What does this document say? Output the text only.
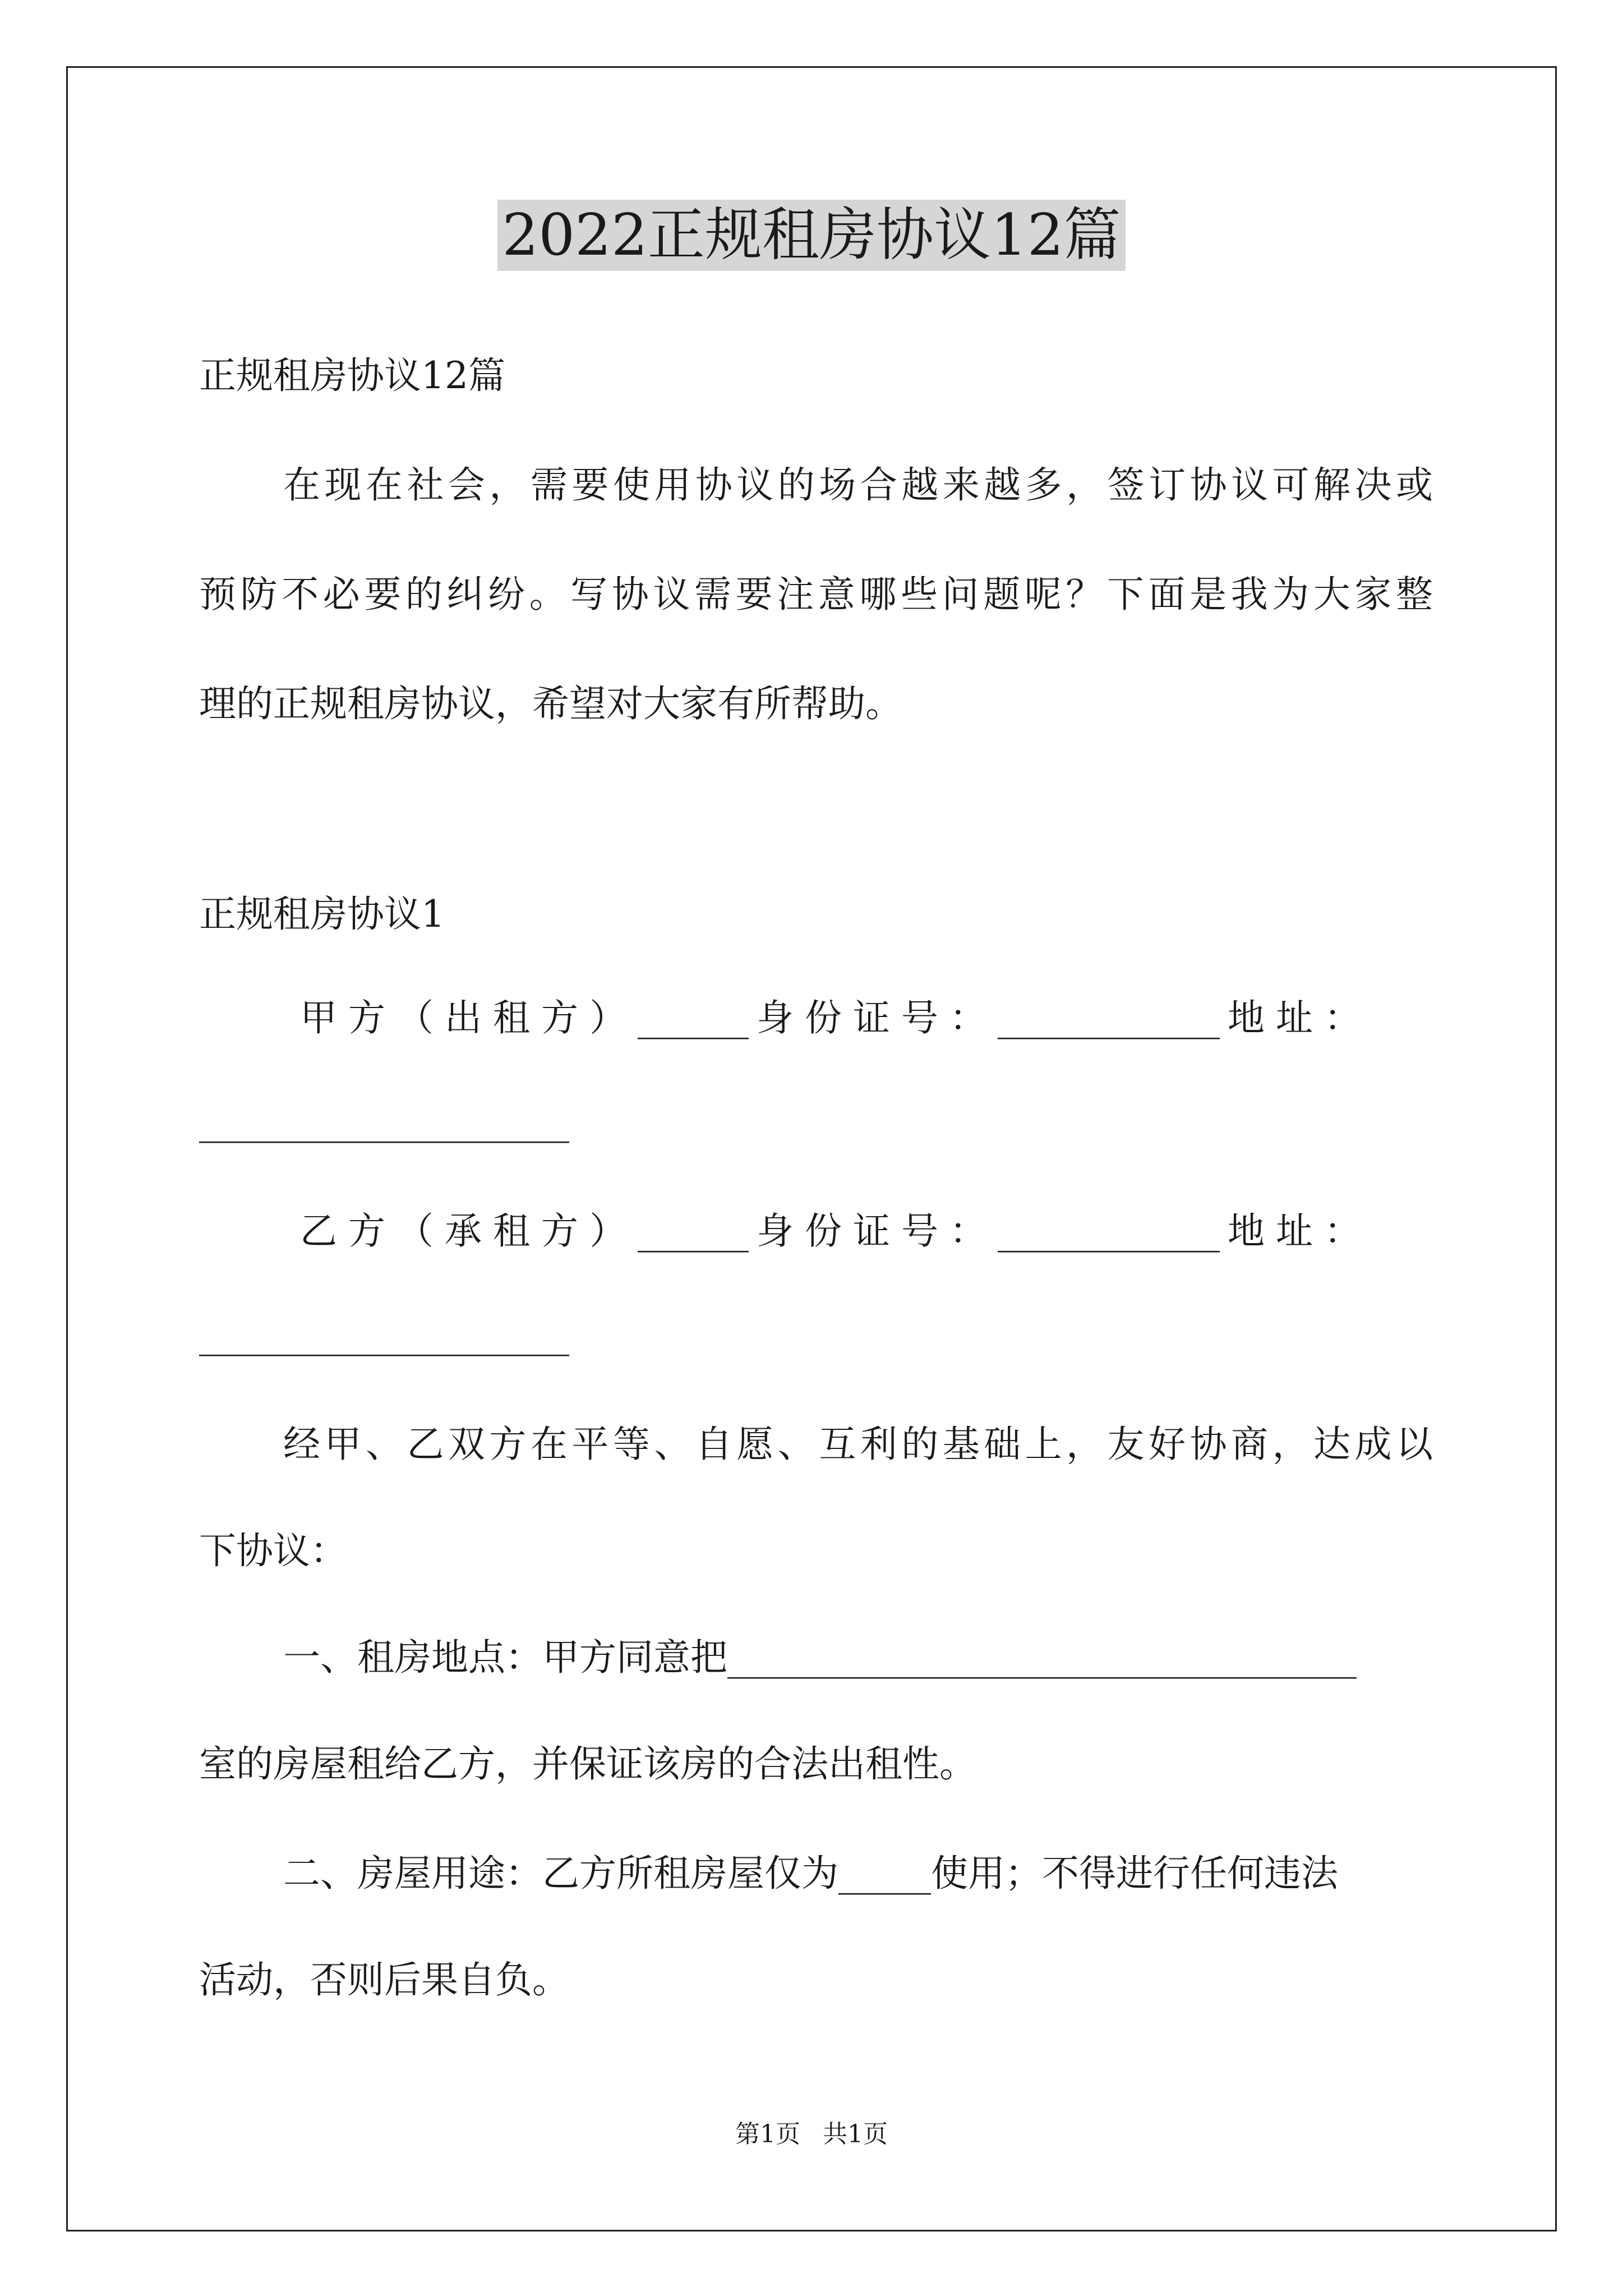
2022正规租房协议12篇
正规租房协议12篇
在现在社会，需要使用协议的场合越来越多，签订协议可解决或
预防不必要的纠纷。写协议需要注意哪些问题呢？下面是我为大家整
理的正规租房协议，希望对大家有所帮助。
正规租房协议1
甲方（出租方）______ 身份证号：____________ 地址：
____________________
乙方（承租方）______ 身份证号：____________ 地址：
____________________
经甲、乙双方在平等、自愿、互利的基础上，友好协商，达成以
下协议：
一、租房地点：甲方同意把__________________________________
室的房屋租给乙方，并保证该房的合法出租性。
二、房屋用途：乙方所租房屋仅为_____使用；不得进行任何违法
活动，否则后果自负。
第1页 共1页
